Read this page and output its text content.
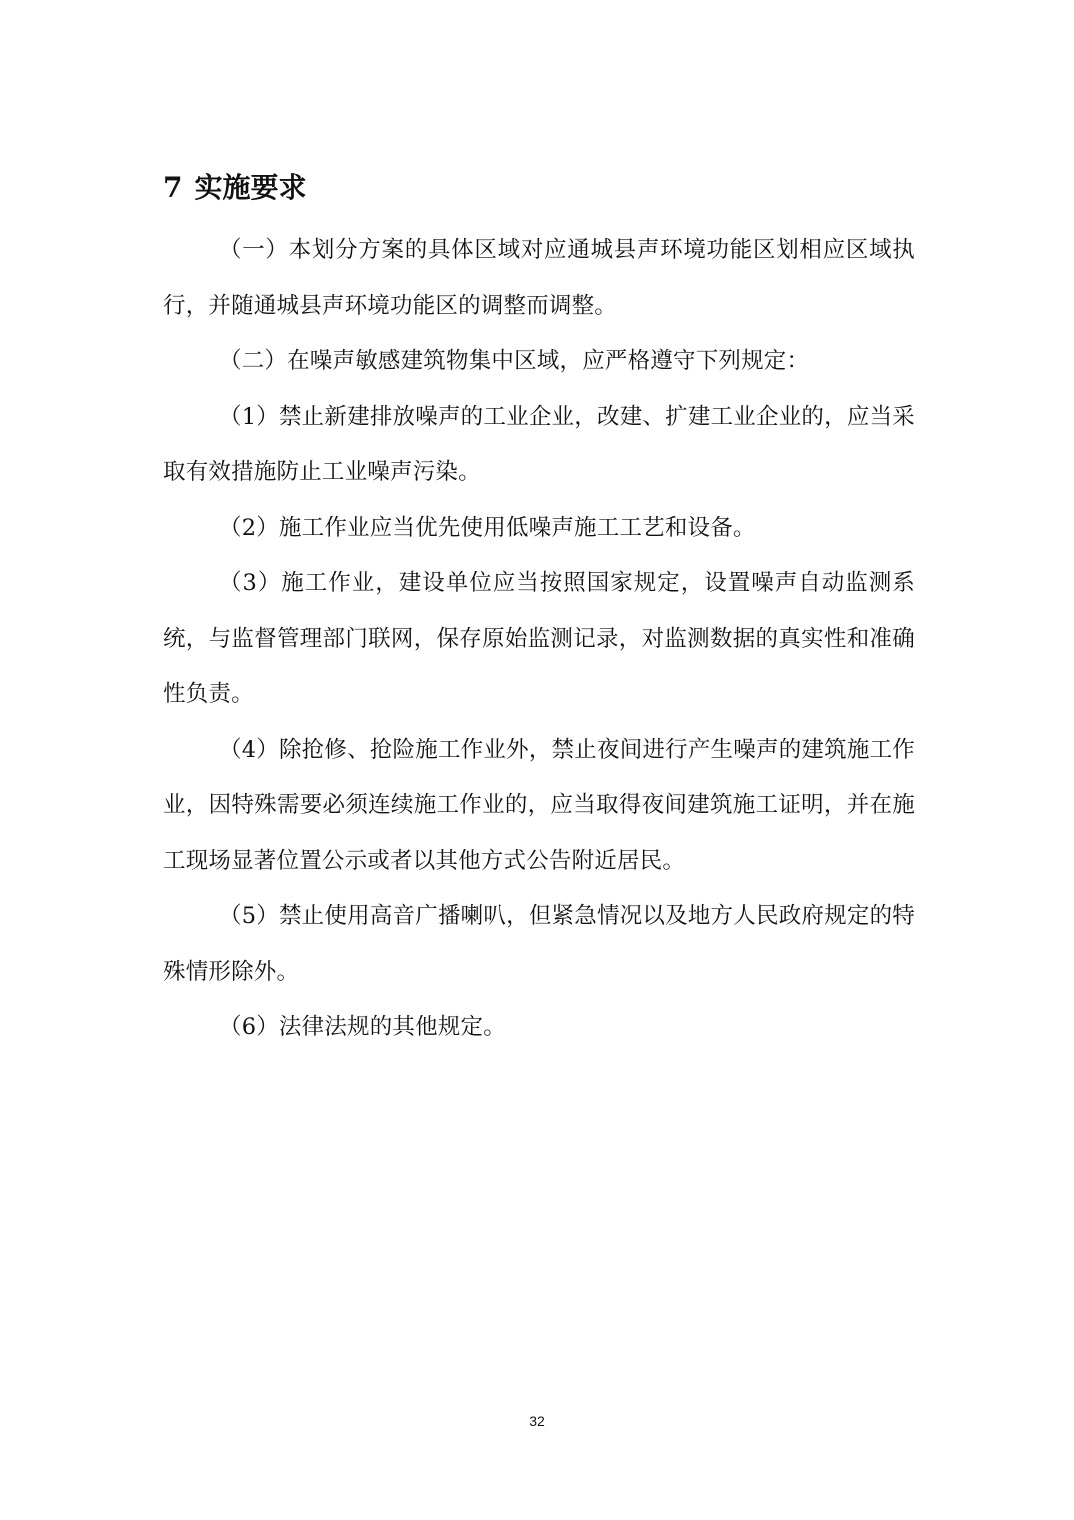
7 实施要求

（一）本划分方案的具体区域对应通城县声环境功能区划相应区域执行，并随通城县声环境功能区的调整而调整。

（二）在噪声敏感建筑物集中区域，应严格遵守下列规定：

（1）禁止新建排放噪声的工业企业，改建、扩建工业企业的，应当采取有效措施防止工业噪声污染。

（2）施工作业应当优先使用低噪声施工工艺和设备。

（3）施工作业，建设单位应当按照国家规定，设置噪声自动监测系统，与监督管理部门联网，保存原始监测记录，对监测数据的真实性和准确性负责。

（4）除抢修、抢险施工作业外，禁止夜间进行产生噪声的建筑施工作业，因特殊需要必须连续施工作业的，应当取得夜间建筑施工证明，并在施工现场显著位置公示或者以其他方式公告附近居民。

（5）禁止使用高音广播喇叭，但紧急情况以及地方人民政府规定的特殊情形除外。

（6）法律法规的其他规定。

32
